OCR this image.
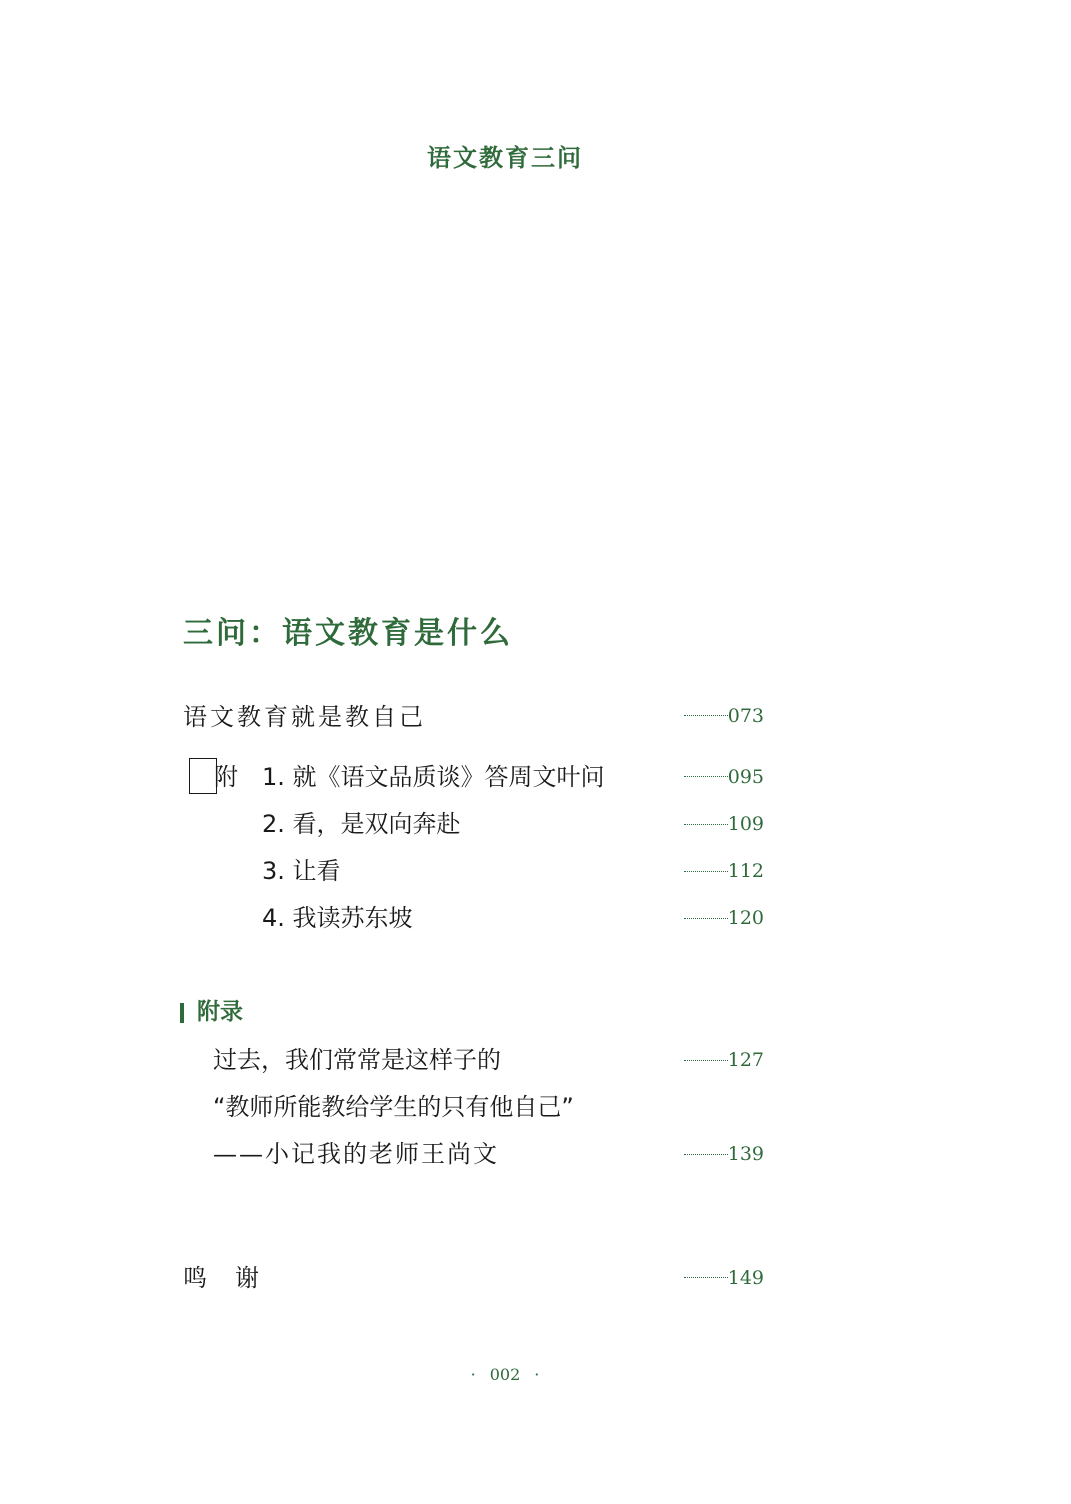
语文教育三问
三问：语文教育是什么
语文教育就是教自己	073
附 1. 就《语文品质谈》答周文叶问	095
2. 看，是双向奔赴	109
3. 让看	112
4. 我读苏东坡	120
附录
过去，我们常常是这样子的	127
“教师所能教给学生的只有他自己”
——小记我的老师王尚文	139
鸣　谢	149
· 002 ·
